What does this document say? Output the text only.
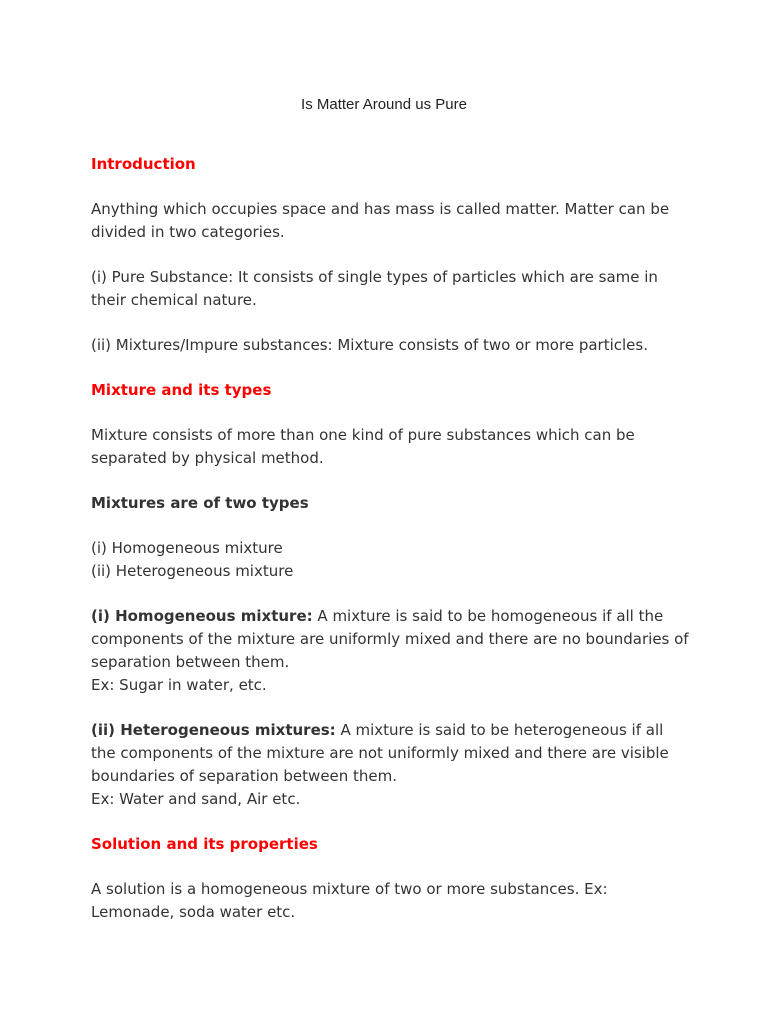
Is Matter Around us Pure

Introduction

Anything which occupies space and has mass is called matter. Matter can be divided in two categories.

(i) Pure Substance: It consists of single types of particles which are same in their chemical nature.

(ii) Mixtures/Impure substances: Mixture consists of two or more particles.

Mixture and its types

Mixture consists of more than one kind of pure substances which can be separated by physical method.

Mixtures are of two types

(i) Homogeneous mixture
(ii) Heterogeneous mixture

(i) Homogeneous mixture: A mixture is said to be homogeneous if all the components of the mixture are uniformly mixed and there are no boundaries of separation between them.
Ex: Sugar in water, etc.

(ii) Heterogeneous mixtures: A mixture is said to be heterogeneous if all the components of the mixture are not uniformly mixed and there are visible boundaries of separation between them.
Ex: Water and sand, Air etc.

Solution and its properties

A solution is a homogeneous mixture of two or more substances. Ex: Lemonade, soda water etc.
